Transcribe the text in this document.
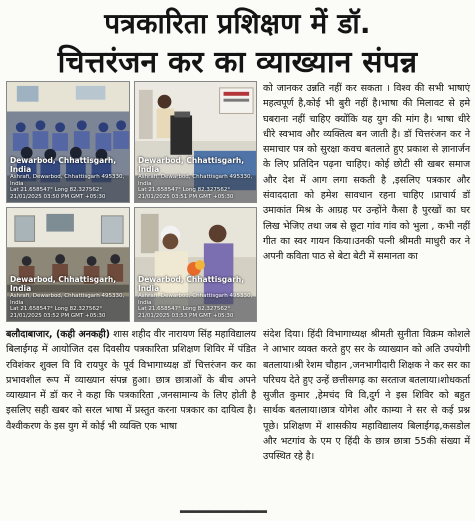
पत्रकारिता प्रशिक्षण में डॉ.
चित्तरंजन कर का व्याख्यान संपन्न
Dewarbod, Chhattisgarh, India
Ashrafi, Dewarbod, Chhattisgarh 495330, India
Lat 21.658547° Long 82.327562°
21/01/2025 03:50 PM GMT +05:30
Dewarbod, Chhattisgarh, India
Ashrafi, Dewarbod, Chhattisgarh 495330, India
Lat 21.658547° Long 82.327562°
21/01/2025 03:51 PM GMT +05:30
Dewarbod, Chhattisgarh, India
Ashrafi, Dewarbod, Chhattisgarh 495330, India
Lat 21.658547° Long 82.327562°
21/01/2025 03:52 PM GMT +05:30
Dewarbod, Chhattisgarh, India
Ashrafi, Dewarbod, Chhattisgarh 495330, India
Lat 21.658547° Long 82.327562°
21/01/2025 03:53 PM GMT +05:30
को जानकर उन्नति नहीं कर सकता । विश्व की सभी भाषाएं महत्वपूर्ण है,कोई भी बुरी नहीं है।भाषा की मिलावट से हमे घबराना नहीं चाहिए क्योंकि यह युग की मांग है। भाषा धीरे धीरे स्वभाव और व्यक्तित्व बन जाती है। डॉ चित्तरंजन कर ने समाचार पत्र को सुरक्षा कवच बतलाते हुए प्रकाश से ज्ञानार्जन के लिए प्रतिदिन पढ़ना चाहिए। कोई छोटी सी खबर समाज और देश में आग लगा सकती है ,इसलिए पत्रकार और संवाददाता को हमेश सावधान रहना चाहिए ।प्राचार्य डॉ उमाकांत मिश्र के आग्रह पर उन्होंने कैसा है पुरखों का घर लिख भेजिए तथा जब से छूटा गांव गांव को भुला , कभी नहीं गीत का स्वर गायन किया।उनकी पत्नी श्रीमती माधुरी कर ने अपनी कविता पाठ से बेटा बेटी में समानता का
बलौदाबाजार, (कही अनकही) शास शहीद वीर नारायण सिंह महाविद्यालय बिलाईगढ़ में आयोजित दस दिवसीय पत्रकारिता प्रशिक्षण शिविर में पंडित रविशंकर शुक्ल वि वि रायपुर के पूर्व विभागाध्यक्ष डॉ चित्तरंजन कर का प्रभावशील रूप में व्याख्यान संपन्न हुआ। छात्र छात्राओं के बीच अपने व्याख्यान में डॉ कर ने कहा कि पत्रकारिता ,जनसामान्य के लिए होती है इसलिए सही खबर को सरल भाषा में प्रस्तुत करना पत्रकार का दायित्व है।वैश्वीकरण के इस युग में कोई भी व्यक्ति एक भाषा
संदेश दिया। हिंदी विभागाध्यक्ष श्रीमती सुनीता विक्रम कोशले ने आभार व्यक्त करते हुए सर के व्याख्यान को अति उपयोगी बतलाया।श्री रेशम चौहान ,जनभागीदारी शिक्षक ने कर सर का परिचय देते हुए उन्हें छत्तीसगढ़ का सरताज बतलाया।शोधकर्ता सुजीत कुमार ,हेमचंद वि वि,दुर्ग ने इस शिविर को बहुत सार्थक बतलाया।छात्र योगेश और काम्या ने सर से कई प्रश्न पूछे। प्रशिक्षण में शासकीय महाविद्यालय बिलाईगढ़,कसडोल और भटगांव के एम ए हिंदी के छात्र छात्रा 55की संख्या में उपस्थित रहे है।
━━━━━━━━━
